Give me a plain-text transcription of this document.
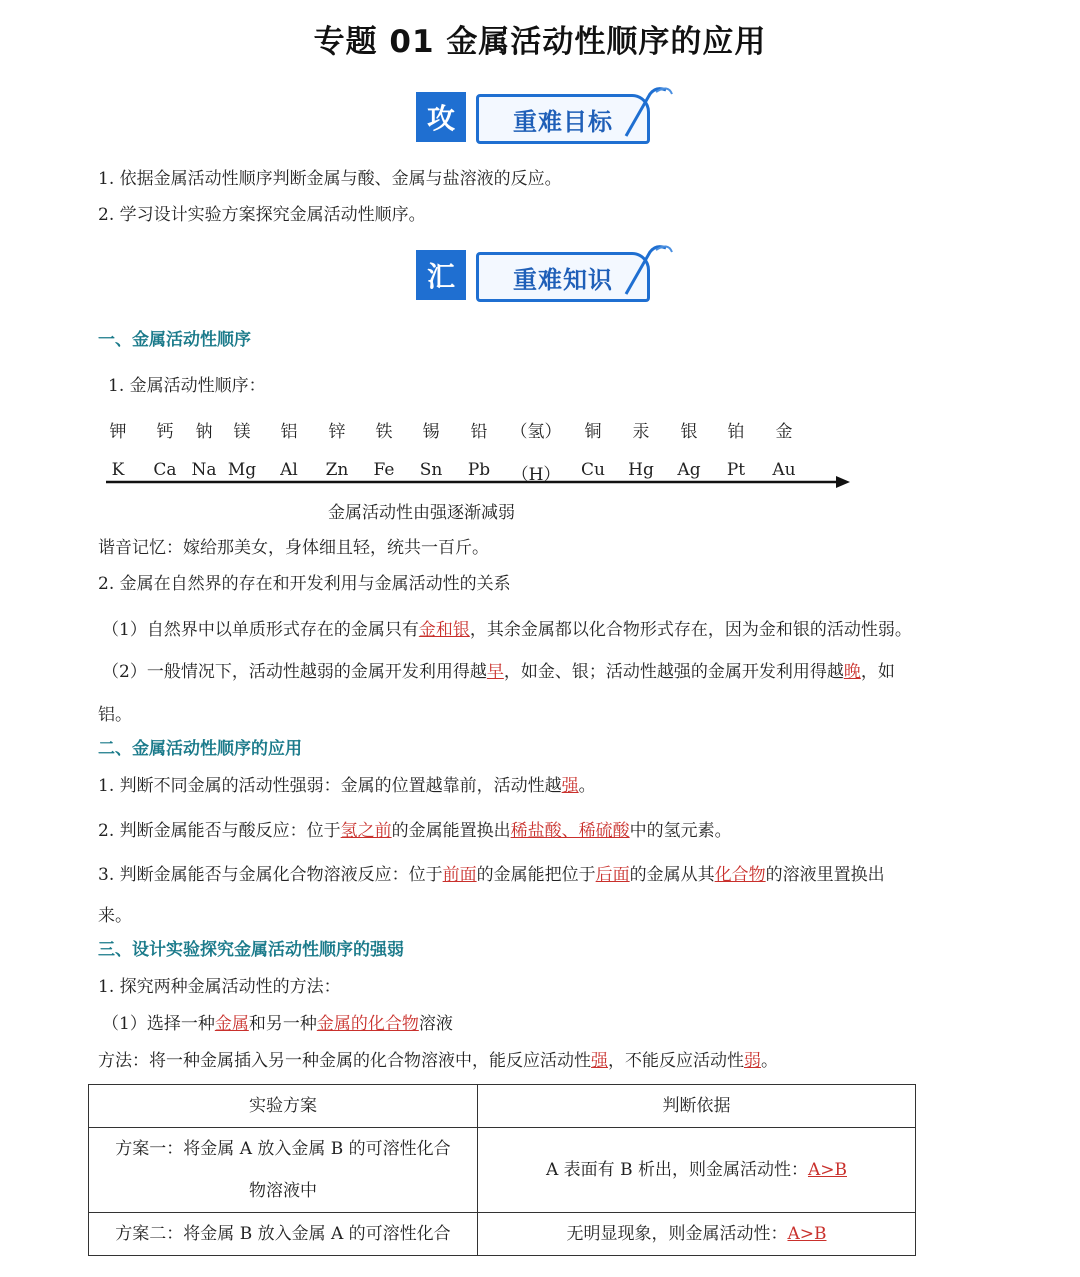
专题 01 金属活动性顺序的应用
攻	重难目标
1. 依据金属活动性顺序判断金属与酸、金属与盐溶液的反应。
2. 学习设计实验方案探究金属活动性顺序。
汇	重难知识
一、金属活动性顺序
1. 金属活动性顺序：
钾 钙 钠 镁 铝 锌 铁 锡 铅 （氢） 铜 汞 银 铂 金
K Ca Na Mg Al Zn Fe Sn Pb （H） Cu Hg Ag Pt Au
金属活动性由强逐渐减弱
谐音记忆：嫁给那美女，身体细且轻，统共一百斤。
2. 金属在自然界的存在和开发利用与金属活动性的关系
（1）自然界中以单质形式存在的金属只有金和银，其余金属都以化合物形式存在，因为金和银的活动性弱。
（2）一般情况下，活动性越弱的金属开发利用得越早，如金、银；活动性越强的金属开发利用得越晚，如
铝。
二、金属活动性顺序的应用
1. 判断不同金属的活动性强弱：金属的位置越靠前，活动性越强。
2. 判断金属能否与酸反应：位于氢之前的金属能置换出稀盐酸、稀硫酸中的氢元素。
3. 判断金属能否与金属化合物溶液反应：位于前面的金属能把位于后面的金属从其化合物的溶液里置换出
来。
三、设计实验探究金属活动性顺序的强弱
1. 探究两种金属活动性的方法：
（1）选择一种金属和另一种金属的化合物溶液
方法：将一种金属插入另一种金属的化合物溶液中，能反应活动性强，不能反应活动性弱。
实验方案	判断依据

方案一：将金属 A 放入金属 B 的可溶性化合
物溶液中	A 表面有 B 析出，则金属活动性：A>B
方案二：将金属 B 放入金属 A 的可溶性化合	无明显现象，则金属活动性：A>B
